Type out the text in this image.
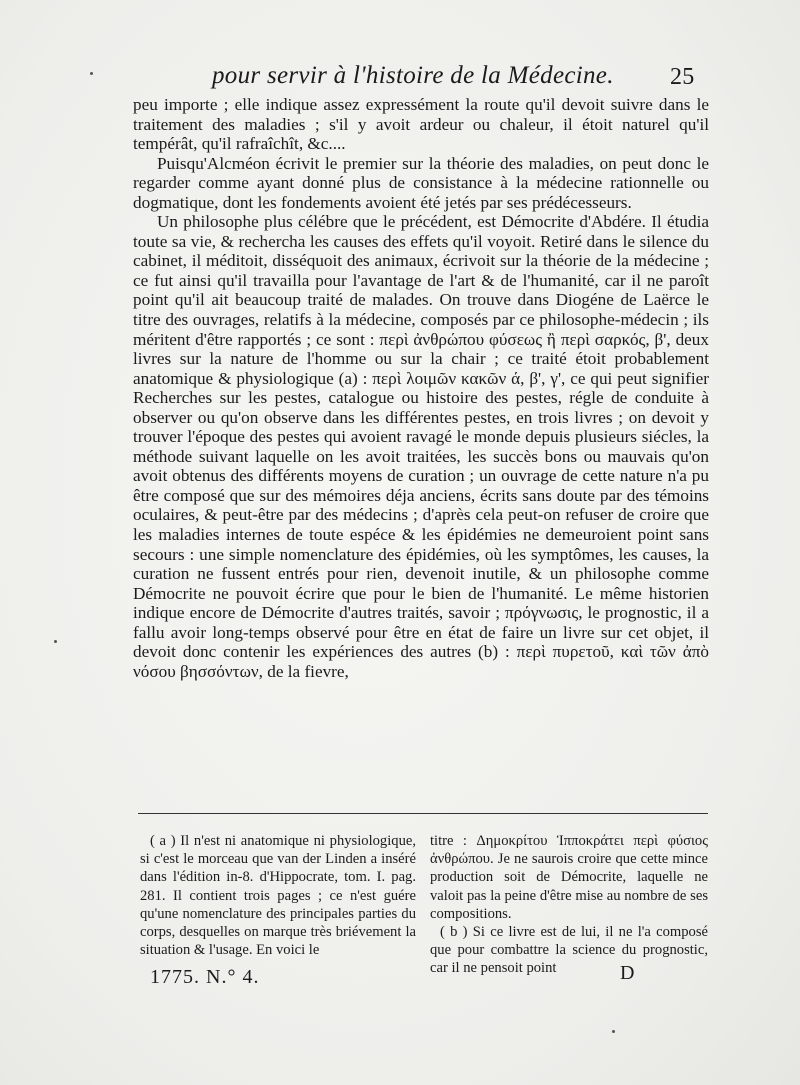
pour servir à l'histoire de la Médecine. 25

peu importe ; elle indique assez expressément la route qu'il devoit suivre dans le traitement des maladies ; s'il y avoit ardeur ou chaleur, il étoit naturel qu'il tempérât, qu'il rafraîchît, &c....

Puisqu'Alcméon écrivit le premier sur la théorie des maladies, on peut donc le regarder comme ayant donné plus de consistance à la médecine rationnelle ou dogmatique, dont les fondements avoient été jetés par ses prédécesseurs.

Un philosophe plus célébre que le précédent, est Démocrite d'Abdére. Il étudia toute sa vie, & rechercha les causes des effets qu'il voyoit. Retiré dans le silence du cabinet, il méditoit, disséquoit des animaux, écrivoit sur la théorie de la médecine ; ce fut ainsi qu'il travailla pour l'avantage de l'art & de l'humanité, car il ne paroît point qu'il ait beaucoup traité de malades. On trouve dans Diogéne de Laërce le titre des ouvrages, relatifs à la médecine, composés par ce philosophe-médecin ; ils méritent d'être rapportés ; ce sont : περὶ ἀνθρώπου φύσεως ἢ περὶ σαρκός, β', deux livres sur la nature de l'homme ou sur la chair ; ce traité étoit probablement anatomique & physiologique (a) : περὶ λοιμῶν κακῶν ά, β', γ', ce qui peut signifier Recherches sur les pestes, catalogue ou histoire des pestes, régle de conduite à observer ou qu'on observe dans les différentes pestes, en trois livres ; on devoit y trouver l'époque des pestes qui avoient ravagé le monde depuis plusieurs siécles, la méthode suivant laquelle on les avoit traitées, les succès bons ou mauvais qu'on avoit obtenus des différents moyens de curation ; un ouvrage de cette nature n'a pu être composé que sur des mémoires déja anciens, écrits sans doute par des témoins oculaires, & peut-être par des médecins ; d'après cela peut-on refuser de croire que les maladies internes de toute espéce & les épidémies ne demeuroient point sans secours : une simple nomenclature des épidémies, où les symptômes, les causes, la curation ne fussent entrés pour rien, devenoit inutile, & un philosophe comme Démocrite ne pouvoit écrire que pour le bien de l'humanité. Le même historien indique encore de Démocrite d'autres traités, savoir ; πρόγνωσις, le prognostic, il a fallu avoir long-temps observé pour être en état de faire un livre sur cet objet, il devoit donc contenir les expériences des autres (b) : περὶ πυρετοῦ, καὶ τῶν ἀπὸ νόσου βησσόντων, de la fievre,

( a ) Il n'est ni anatomique ni physiologique, si c'est le morceau que van der Linden a inséré dans l'édition in-8. d'Hippocrate, tom. I. pag. 281. Il contient trois pages ; ce n'est guére qu'une nomenclature des principales parties du corps, desquelles on marque très briévement la situation & l'usage. En voici le

titre : Δημοκρίτου Ἱπποκράτει περὶ φύσιος ἀνθρώπου. Je ne saurois croire que cette mince production soit de Démocrite, laquelle ne valoit pas la peine d'être mise au nombre de ses compositions.

( b ) Si ce livre est de lui, il ne l'a composé que pour combattre la science du prognostic, car il ne pensoit point

1775. N.° 4.	D
